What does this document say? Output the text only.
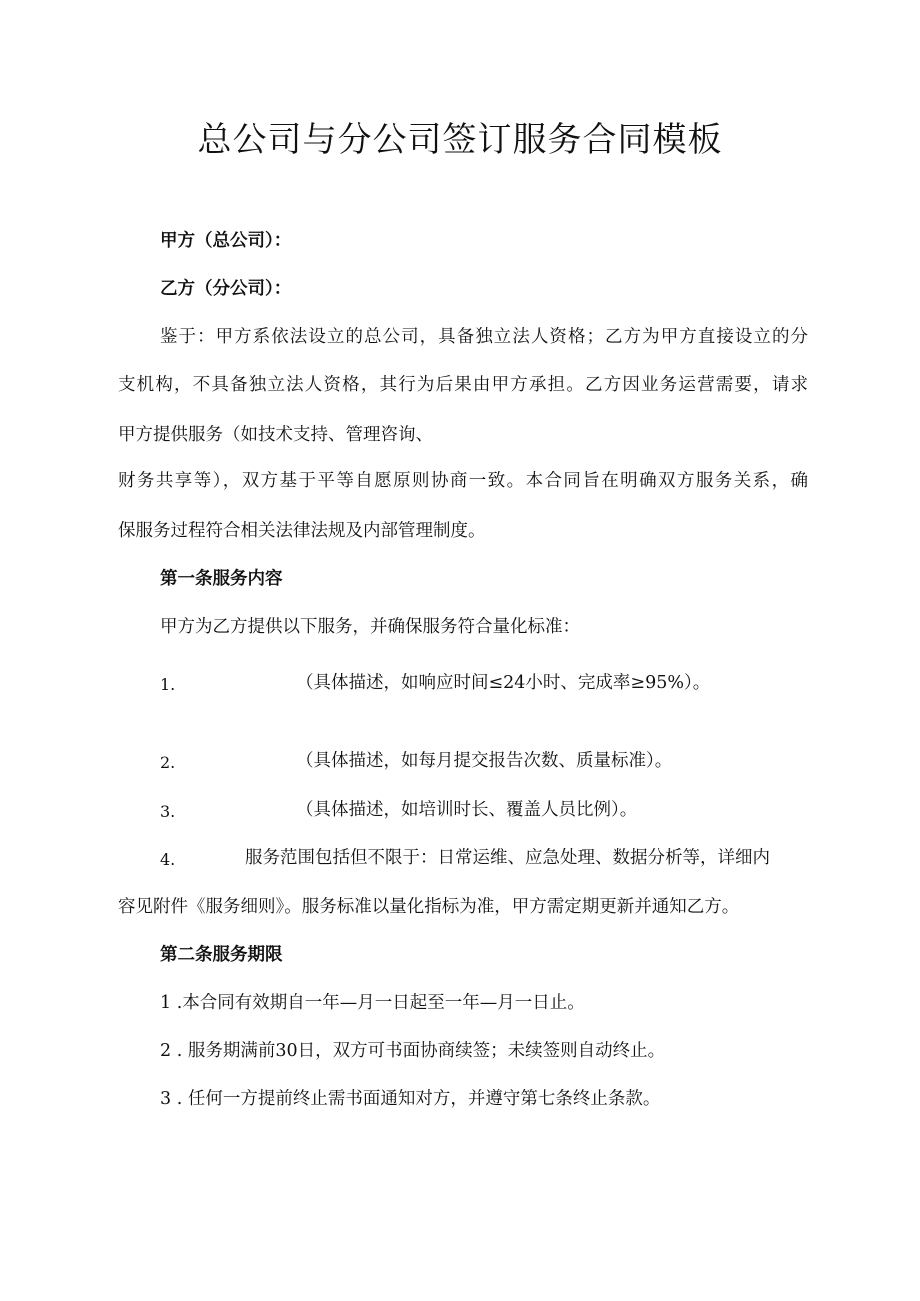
总公司与分公司签订服务合同模板
甲方（总公司）：
乙方（分公司）：
鉴于：甲方系依法设立的总公司，具备独立法人资格；乙方为甲方直接设立的分
支机构，不具备独立法人资格，其行为后果由甲方承担。乙方因业务运营需要，请求
甲方提供服务（如技术支持、管理咨询、
财务共享等），双方基于平等自愿原则协商一致。本合同旨在明确双方服务关系，确
保服务过程符合相关法律法规及内部管理制度。
第一条服务内容
甲方为乙方提供以下服务，并确保服务符合量化标准：
1.	（具体描述，如响应时间≤24小时、完成率≥95%）。
2.	（具体描述，如每月提交报告次数、质量标准）。
3.	（具体描述，如培训时长、覆盖人员比例）。
4.	服务范围包括但不限于：日常运维、应急处理、数据分析等，详细内
容见附件《服务细则》。服务标准以量化指标为准，甲方需定期更新并通知乙方。
第二条服务期限
1 .本合同有效期自一年—月一日起至一年—月一日止。
2 . 服务期满前30日，双方可书面协商续签；未续签则自动终止。
3 . 任何一方提前终止需书面通知对方，并遵守第七条终止条款。
